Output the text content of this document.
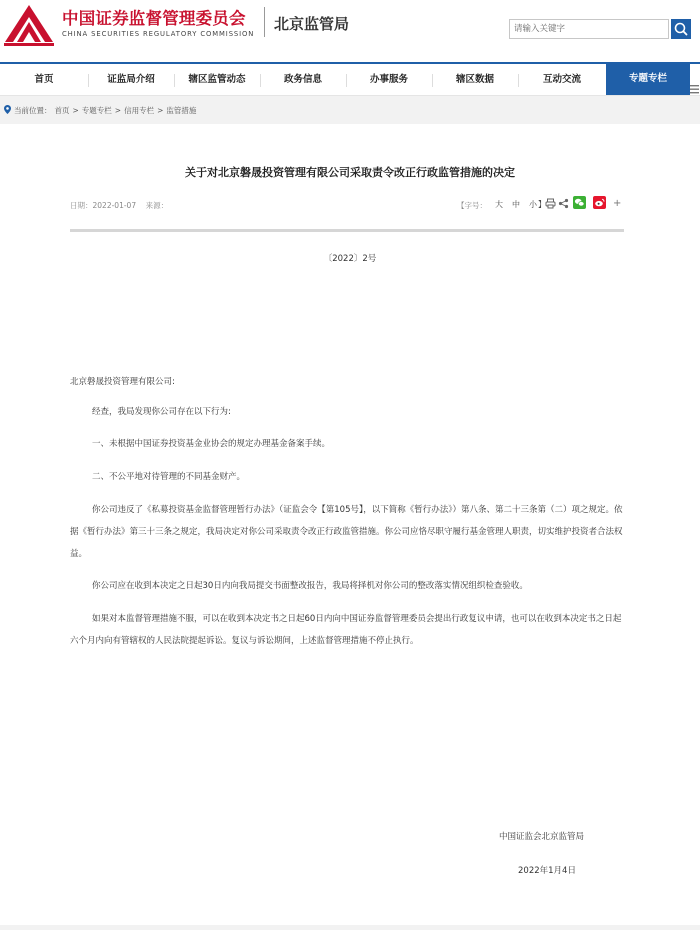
中国证券监督管理委员会
CHINA SECURITIES REGULATORY COMMISSION
北京监管局
请输入关键字
首页	证监局介绍	辖区监管动态	政务信息	办事服务	辖区数据	互动交流	专题专栏
当前位置： 首页 > 专题专栏 > 信用专栏 > 监管措施
关于对北京磐晟投资管理有限公司采取责令改正行政监管措施的决定
日期：2022-01-07 来源：	【字号： 大 中 小 】	+
〔2022〕2号
北京磐晟投资管理有限公司:

经查，我局发现你公司存在以下行为:

一、未根据中国证券投资基金业协会的规定办理基金备案手续。

二、不公平地对待管理的不同基金财产。

你公司违反了《私募投资基金监督管理暂行办法》（证监会令【第105号】，以下简称《暂行办法》）第八条、第二十三条第（二）项之规定。依据《暂行办法》第三十三条之规定，我局决定对你公司采取责令改正行政监管措施。你公司应恪尽职守履行基金管理人职责，切实维护投资者合法权益。

你公司应在收到本决定之日起30日内向我局提交书面整改报告，我局将择机对你公司的整改落实情况组织检查验收。

如果对本监督管理措施不服，可以在收到本决定书之日起60日内向中国证券监督管理委员会提出行政复议申请，也可以在收到本决定书之日起六个月内向有管辖权的人民法院提起诉讼。复议与诉讼期间，上述监督管理措施不停止执行。

中国证监会北京监管局
2022年1月4日
